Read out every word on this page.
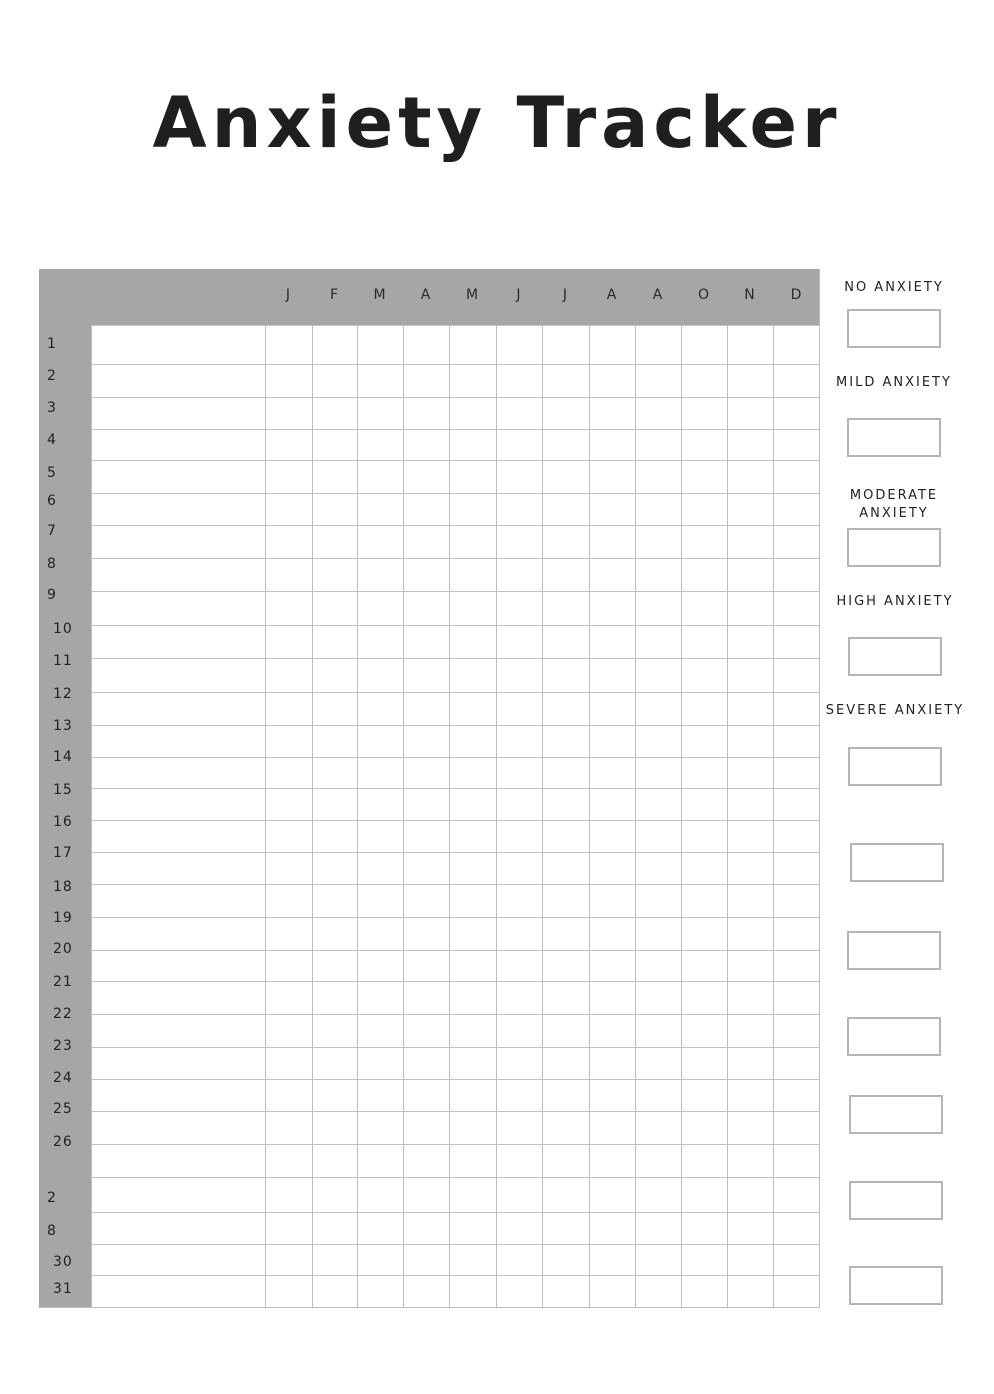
Anxiety Tracker
J	F	M	A	M	J	J	A	A	O	N	D
1
2
3
4
5
6
7
8
9
10
11
12
13
14
15
16
17
18
19
20
21
22
23
24
25
26
2
8
30
31
NO ANXIETY
MILD ANXIETY
MODERATE ANXIETY
HIGH ANXIETY
SEVERE ANXIETY
